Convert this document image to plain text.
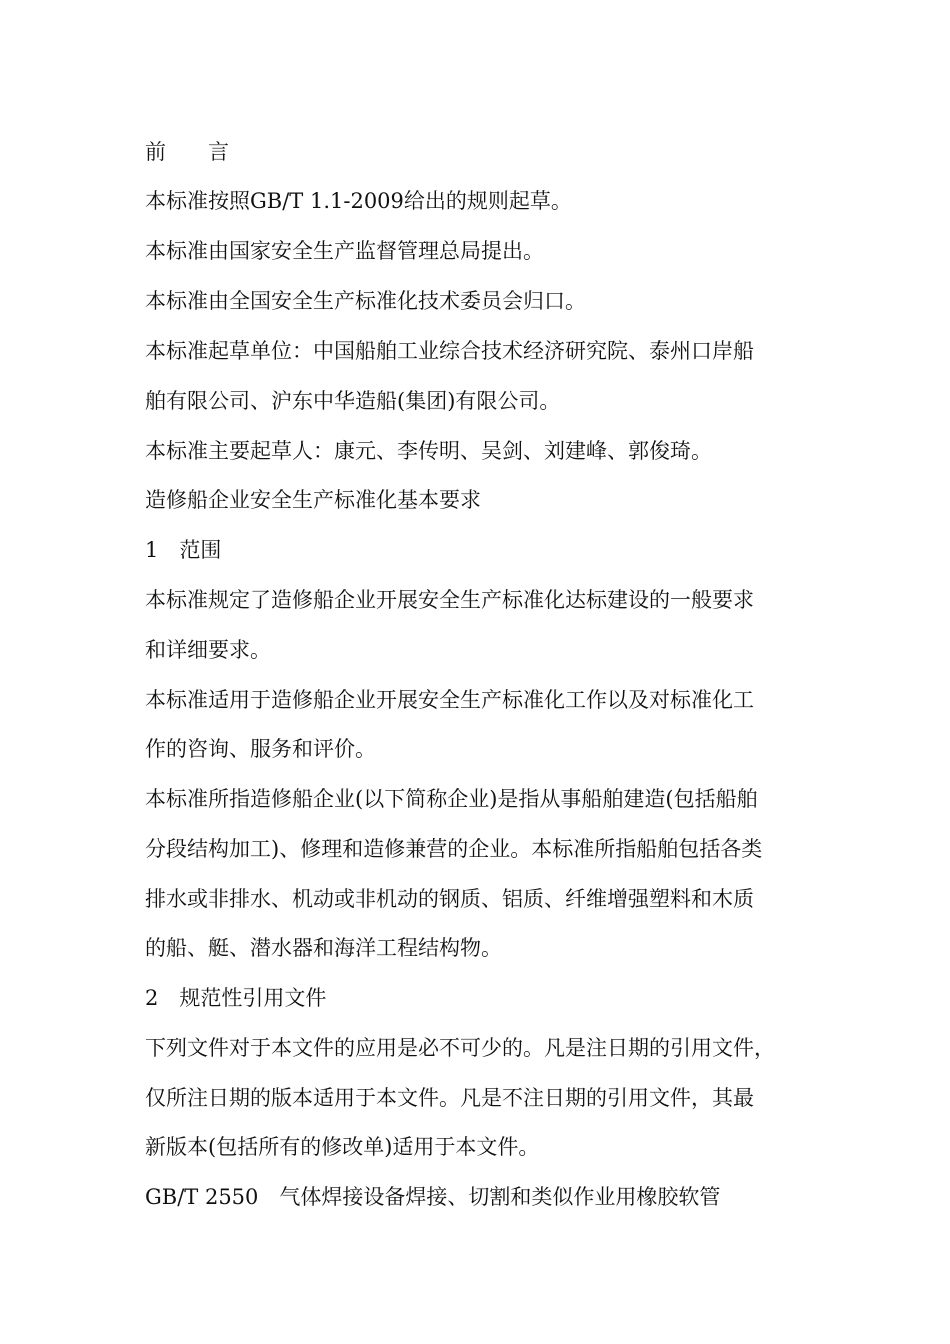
前　　言

本标准按照GB/T 1.1-2009给出的规则起草。

本标准由国家安全生产监督管理总局提出。

本标准由全国安全生产标准化技术委员会归口。

本标准起草单位：中国船舶工业综合技术经济研究院、泰州口岸船

舶有限公司、沪东中华造船(集团)有限公司。

本标准主要起草人：康元、李传明、吴剑、刘建峰、郭俊琦。

造修船企业安全生产标准化基本要求

1　范围

本标准规定了造修船企业开展安全生产标准化达标建设的一般要求

和详细要求。

本标准适用于造修船企业开展安全生产标准化工作以及对标准化工

作的咨询、服务和评价。

本标准所指造修船企业(以下简称企业)是指从事船舶建造(包括船舶

分段结构加工)、修理和造修兼营的企业。本标准所指船舶包括各类

排水或非排水、机动或非机动的钢质、铝质、纤维增强塑料和木质

的船、艇、潜水器和海洋工程结构物。

2　规范性引用文件

下列文件对于本文件的应用是必不可少的。凡是注日期的引用文件，

仅所注日期的版本适用于本文件。凡是不注日期的引用文件，其最

新版本(包括所有的修改单)适用于本文件。

GB/T 2550　气体焊接设备焊接、切割和类似作业用橡胶软管
